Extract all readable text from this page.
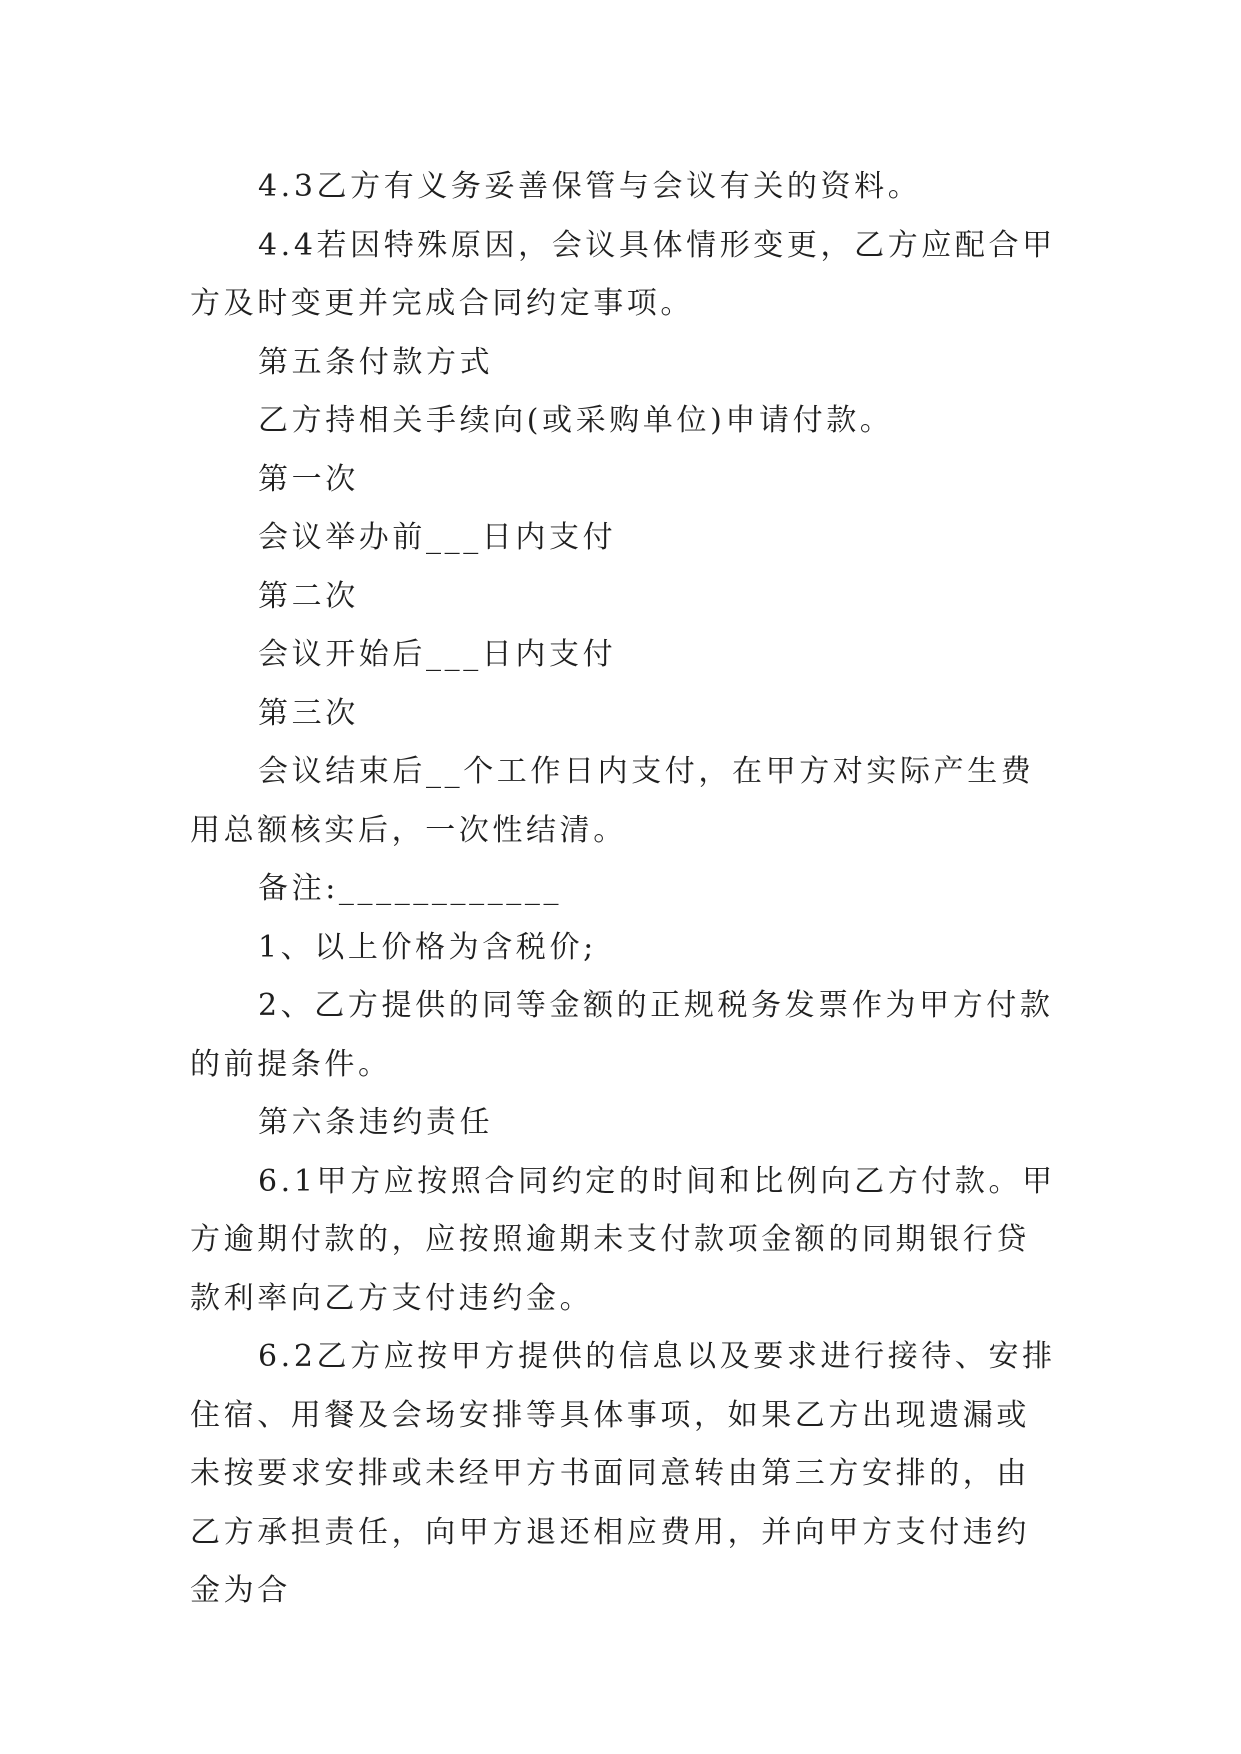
4.3乙方有义务妥善保管与会议有关的资料。

4.4若因特殊原因，会议具体情形变更，乙方应配合甲方及时变更并完成合同约定事项。

第五条付款方式

乙方持相关手续向(或采购单位)申请付款。

第一次

会议举办前___日内支付

第二次

会议开始后___日内支付

第三次

会议结束后__个工作日内支付，在甲方对实际产生费用总额核实后，一次性结清。

备注:____________

1、以上价格为含税价;

2、乙方提供的同等金额的正规税务发票作为甲方付款的前提条件。

第六条违约责任

6.1甲方应按照合同约定的时间和比例向乙方付款。甲方逾期付款的，应按照逾期未支付款项金额的同期银行贷款利率向乙方支付违约金。

6.2乙方应按甲方提供的信息以及要求进行接待、安排住宿、用餐及会场安排等具体事项，如果乙方出现遗漏或未按要求安排或未经甲方书面同意转由第三方安排的，由乙方承担责任，向甲方退还相应费用，并向甲方支付违约金为合
